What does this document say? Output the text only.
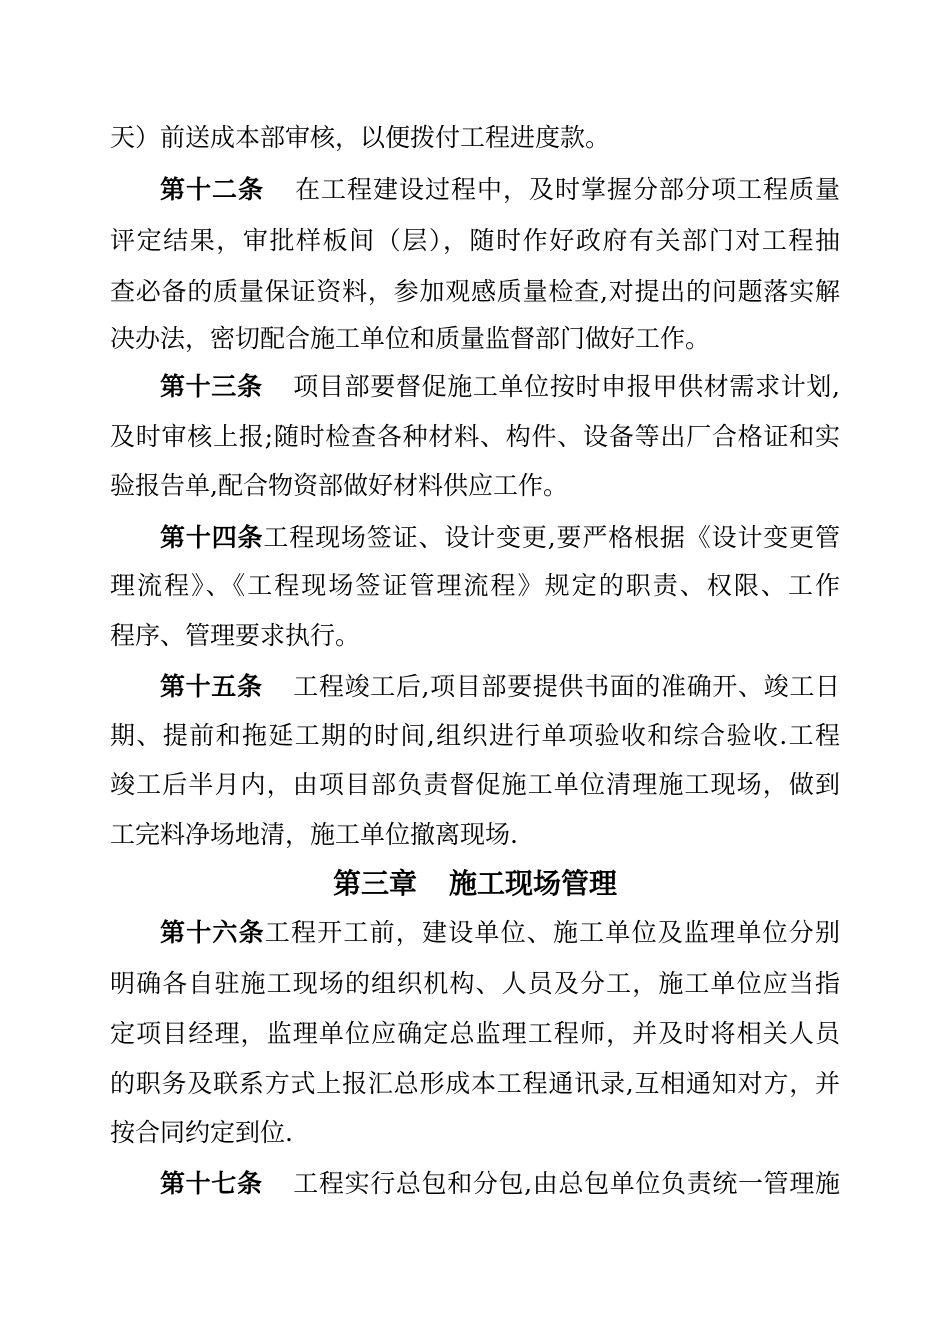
天）前送成本部审核，以便拨付工程进度款。
第十二条 在工程建设过程中，及时掌握分部分项工程质量
评定结果，审批样板间（层），随时作好政府有关部门对工程抽
查必备的质量保证资料，参加观感质量检查,对提出的问题落实解
决办法，密切配合施工单位和质量监督部门做好工作。
第十三条 项目部要督促施工单位按时申报甲供材需求计划,
及时审核上报;随时检查各种材料、构件、设备等出厂合格证和实
验报告单,配合物资部做好材料供应工作。
第十四条工程现场签证、设计变更,要严格根据《设计变更管
理流程》、《工程现场签证管理流程》规定的职责、权限、工作
程序、管理要求执行。
第十五条 工程竣工后,项目部要提供书面的准确开、竣工日
期、提前和拖延工期的时间,组织进行单项验收和综合验收.工程
竣工后半月内，由项目部负责督促施工单位清理施工现场，做到
工完料净场地清，施工单位撤离现场.
第三章 施工现场管理
第十六条工程开工前，建设单位、施工单位及监理单位分别
明确各自驻施工现场的组织机构、人员及分工，施工单位应当指
定项目经理，监理单位应确定总监理工程师，并及时将相关人员
的职务及联系方式上报汇总形成本工程通讯录,互相通知对方，并
按合同约定到位.
第十七条 工程实行总包和分包,由总包单位负责统一管理施
